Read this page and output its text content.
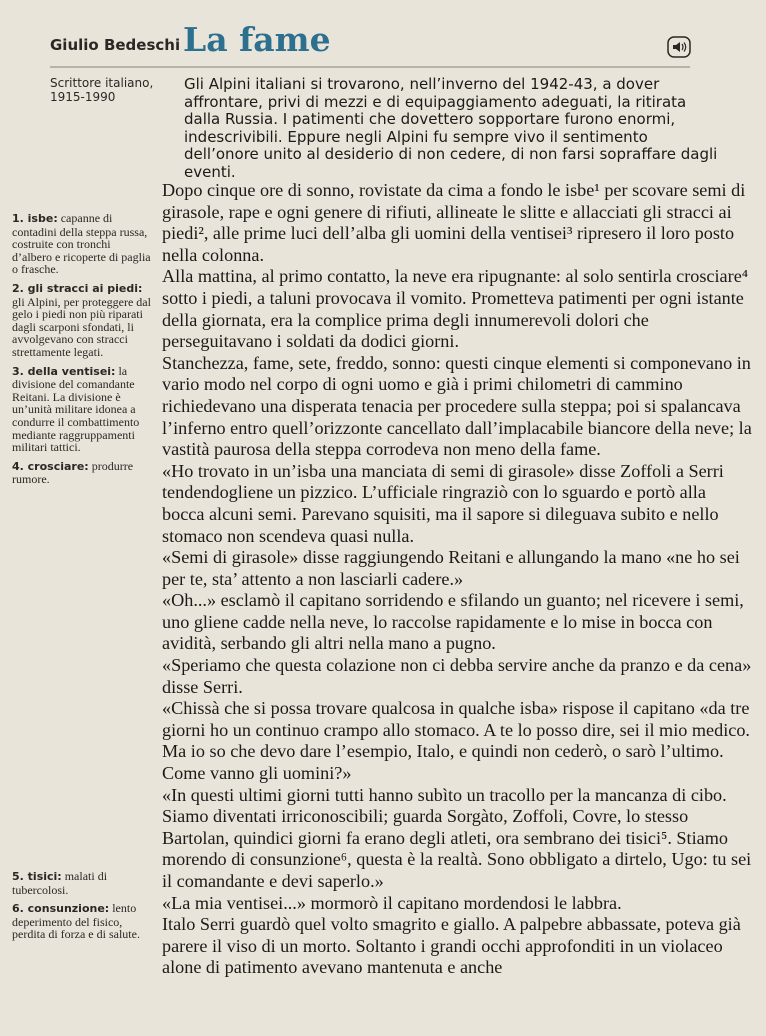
Giulio Bedeschi La fame
Scrittore italiano,
1915-1990
Gli Alpini italiani si trovarono, nell’inverno del 1942-43, a dover affrontare, privi di mezzi e di equipaggiamento adeguati, la ritirata dalla Russia. I patimenti che dovettero sopportare furono enormi, indescrivibili. Eppure negli Alpini fu sempre vivo il sentimento dell’onore unito al desiderio di non cedere, di non farsi sopraffare dagli eventi.

1. isbe: capanne di contadini della steppa russa, costruite con tronchi d’albero e ricoperte di paglia o frasche.

2. gli stracci ai piedi: gli Alpini, per proteggere dal gelo i piedi non più riparati dagli scarponi sfondati, li avvolgevano con stracci strettamente legati.

3. della ventisei: la divisione del comandante Reitani. La divisione è un’unità militare idonea a condurre il combattimento mediante raggruppamenti militari tattici.

4. crosciare: produrre rumore.

5. tisici: malati di tubercolosi.

6. consunzione: lento deperimento del fisico, perdita di forza e di salute.

Dopo cinque ore di sonno, rovistate da cima a fondo le isbe¹ per scovare semi di girasole, rape e ogni genere di rifiuti, allineate le slitte e allacciati gli stracci ai piedi², alle prime luci dell’alba gli uomini della ventisei³ ripresero il loro posto nella colonna.

Alla mattina, al primo contatto, la neve era ripugnante: al solo sentirla crosciare⁴ sotto i piedi, a taluni provocava il vomito. Prometteva patimenti per ogni istante della giornata, era la complice prima degli innumerevoli dolori che perseguitavano i soldati da dodici giorni.

Stanchezza, fame, sete, freddo, sonno: questi cinque elementi si componevano in vario modo nel corpo di ogni uomo e già i primi chilometri di cammino richiedevano una disperata tenacia per procedere sulla steppa; poi si spalancava l’inferno entro quell’orizzonte cancellato dall’implacabile biancore della neve; la vastità paurosa della steppa corrodeva non meno della fame.

«Ho trovato in un’isba una manciata di semi di girasole» disse Zoffoli a Serri tendendogliene un pizzico. L’ufficiale ringraziò con lo sguardo e portò alla bocca alcuni semi. Parevano squisiti, ma il sapore si dileguava subito e nello stomaco non scendeva quasi nulla.

«Semi di girasole» disse raggiungendo Reitani e allungando la mano «ne ho sei per te, sta’ attento a non lasciarli cadere.»

«Oh...» esclamò il capitano sorridendo e sfilando un guanto; nel ricevere i semi, uno gliene cadde nella neve, lo raccolse rapidamente e lo mise in bocca con avidità, serbando gli altri nella mano a pugno.

«Speriamo che questa colazione non ci debba servire anche da pranzo e da cena» disse Serri.

«Chissà che si possa trovare qualcosa in qualche isba» rispose il capitano «da tre giorni ho un continuo crampo allo stomaco. A te lo posso dire, sei il mio medico. Ma io so che devo dare l’esempio, Italo, e quindi non cederò, o sarò l’ultimo. Come vanno gli uomini?»

«In questi ultimi giorni tutti hanno subìto un tracollo per la mancanza di cibo. Siamo diventati irriconoscibili; guarda Sorgàto, Zoffoli, Covre, lo stesso Bartolan, quindici giorni fa erano degli atleti, ora sembrano dei tisici⁵. Stiamo morendo di consunzione⁶, questa è la realtà. Sono obbligato a dirtelo, Ugo: tu sei il comandante e devi saperlo.»

«La mia ventisei...» mormorò il capitano mordendosi le labbra.

Italo Serri guardò quel volto smagrito e giallo. A palpebre abbassate, poteva già parere il viso di un morto. Soltanto i grandi occhi approfonditi in un violaceo alone di patimento avevano mantenuta e anche
